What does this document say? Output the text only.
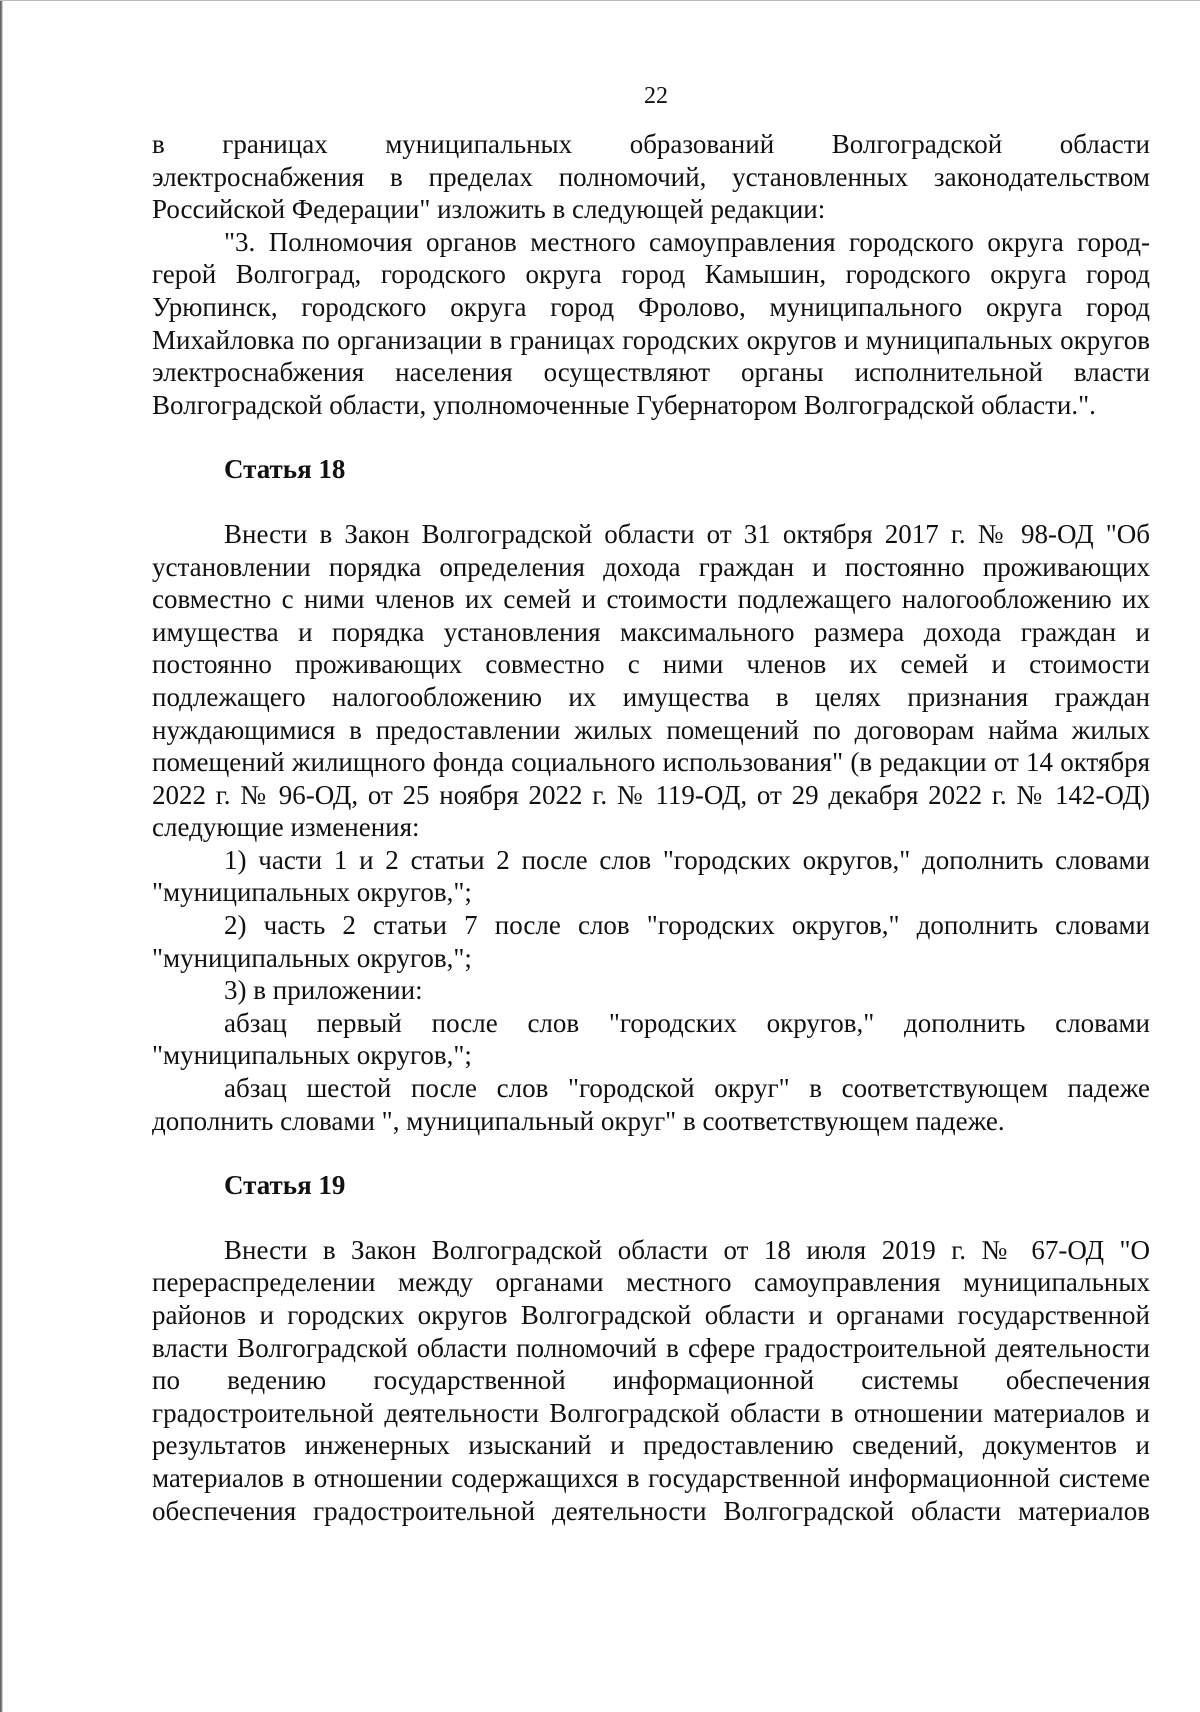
22

в границах муниципальных образований Волгоградской области

электроснабжения в пределах полномочий, установленных законодательством

Российской Федерации" изложить в следующей редакции:

"3. Полномочия органов местного самоуправления городского округа город-герой Волгоград, городского округа город Камышин, городского округа город Урюпинск, городского округа город Фролово, муниципального округа город Михайловка по организации в границах городских округов и муниципальных округов электроснабжения населения осуществляют органы исполнительной власти Волгоградской области, уполномоченные Губернатором Волгоградской области.".

Статья 18

Внести в Закон Волгоградской области от 31 октября 2017 г. № 98-ОД "Об установлении порядка определения дохода граждан и постоянно проживающих совместно с ними членов их семей и стоимости подлежащего налогообложению их имущества и порядка установления максимального размера дохода граждан и постоянно проживающих совместно с ними членов их семей и стоимости подлежащего налогообложению их имущества в целях признания граждан нуждающимися в предоставлении жилых помещений по договорам найма жилых помещений жилищного фонда социального использования" (в редакции от 14 октября 2022 г. № 96-ОД, от 25 ноября 2022 г. № 119-ОД, от 29 декабря 2022 г. № 142-ОД) следующие изменения:

1) части 1 и 2 статьи 2 после слов "городских округов," дополнить словами "муниципальных округов,";

2) часть 2 статьи 7 после слов "городских округов," дополнить словами "муниципальных округов,";

3) в приложении:

абзац первый после слов "городских округов," дополнить словами "муниципальных округов,";

абзац шестой после слов "городской округ" в соответствующем падеже дополнить словами ", муниципальный округ" в соответствующем падеже.

Статья 19

Внести в Закон Волгоградской области от 18 июля 2019 г. № 67-ОД "О перераспределении между органами местного самоуправления муниципальных районов и городских округов Волгоградской области и органами государственной власти Волгоградской области полномочий в сфере градостроительной деятельности по ведению государственной информационной системы обеспечения градостроительной деятельности Волгоградской области в отношении материалов и результатов инженерных изысканий и предоставлению сведений, документов и материалов в отношении содержащихся в государственной информационной системе обеспечения градостроительной деятельности Волгоградской области материалов
